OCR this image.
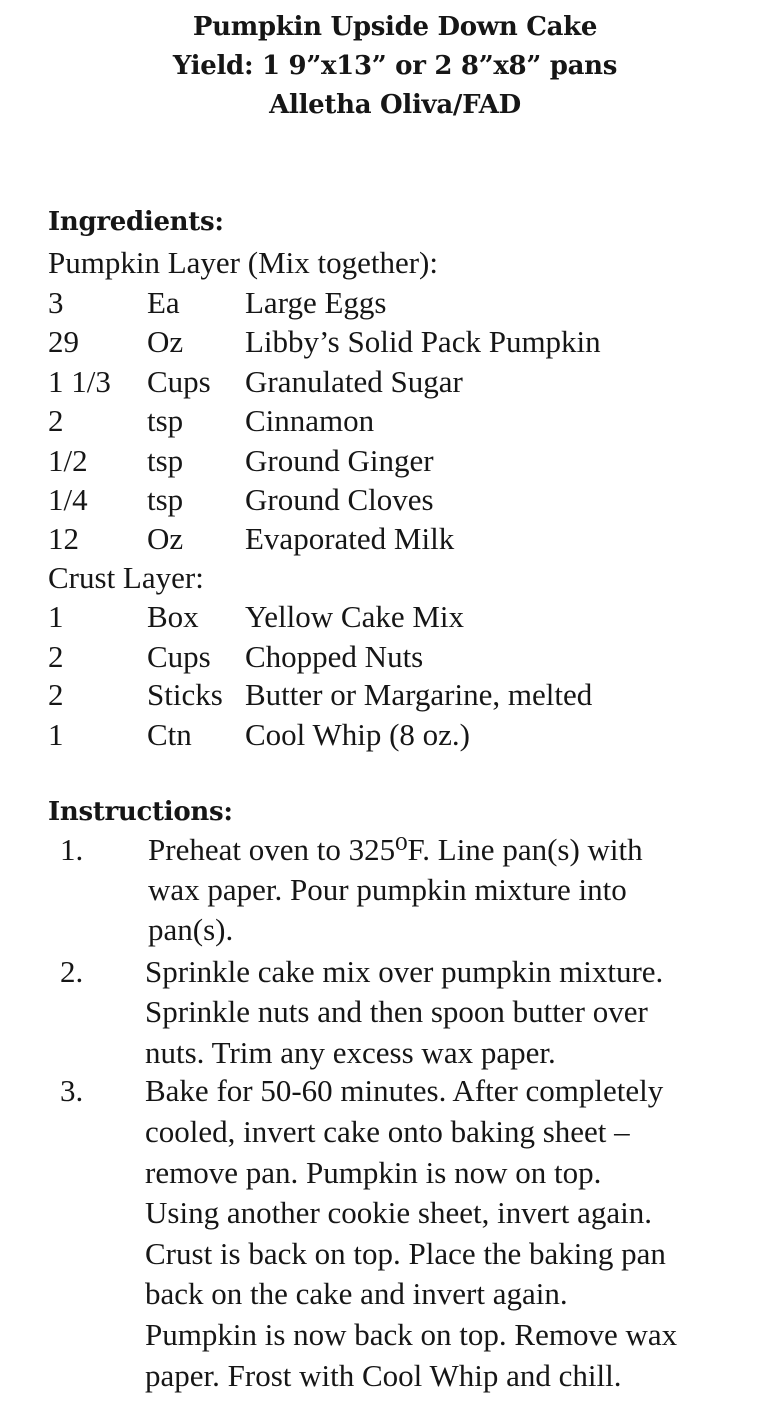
Pumpkin Upside Down Cake
Yield: 1 9”x13” or 2 8”x8” pans
Alletha Oliva/FAD
Ingredients:
Pumpkin Layer (Mix together):
3	Ea Large Eggs
29 Oz Libby’s Solid Pack Pumpkin
1 1/3 Cups Granulated Sugar
2	tsp Cinnamon
1/2 tsp Ground Ginger
1/4 tsp Ground Cloves
12 Oz Evaporated Milk
Crust Layer:
1	Box Yellow Cake Mix
2	Cups Chopped Nuts
2	Sticks Butter or Margarine, melted
1	Ctn Cool Whip (8 oz.)
Instructions:
1. Preheat oven to 325⁰F. Line pan(s) with
wax paper. Pour pumpkin mixture into
pan(s).
2. Sprinkle cake mix over pumpkin mixture.
Sprinkle nuts and then spoon butter over
nuts. Trim any excess wax paper.
3. Bake for 50-60 minutes. After completely
cooled, invert cake onto baking sheet –
remove pan. Pumpkin is now on top.
Using another cookie sheet, invert again.
Crust is back on top. Place the baking pan
back on the cake and invert again.
Pumpkin is now back on top. Remove wax
paper. Frost with Cool Whip and chill.
